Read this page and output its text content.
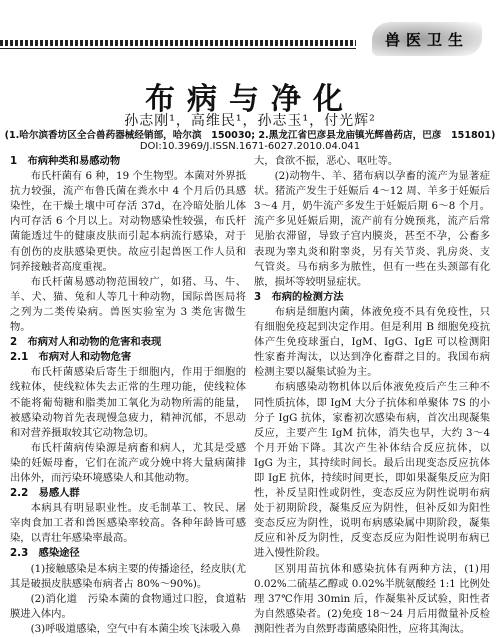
兽医卫生
布病与净化
孙志刚¹，高维民¹，孙志玉¹，付光辉²
(1.哈尔滨香坊区全合兽药器械经销部，哈尔滨　150030; 2.黑龙江省巴彦县龙庙镇光辉兽药店，巴彦　151801)
DOI:10.3969/J.ISSN.1671-6027.2010.04.041

1　布病种类和易感动物

布氏杆菌有 6 种，19 个生物型。本菌对外界抵抗力较强，流产布鲁氏菌在粪水中 4 个月后仍具感染性，在干燥土壤中可存活 37d，在冷暗处胎儿体内可存活 6 个月以上。对动物感染性较强，布氏杆菌能透过牛的健康皮肤而引起本病流行感染，对于有创伤的皮肤感染更快。故应引起兽医工作人员和饲养接触者高度重视。

布氏杆菌易感动物范围较广，如猪、马、牛、羊、犬、猫、兔和人等几十种动物，国际兽医局将之列为二类传染病。兽医实验室为 3 类危害微生物。

2　布病对人和动物的危害和表现

2.1　布病对人和动物危害

布氏杆菌感染后寄生于细胞内，作用于细胞的线粒体，使线粒体失去正常的生理功能，使线粒体不能将葡萄糖和脂类加工氧化为动物所需的能量，被感染动物首先表现慢急疲力，精神沉郁，不思动和对营养摄取较其它动物急切。

布氏杆菌病传染源是病畜和病人，尤其是受感染的妊娠母畜，它们在流产或分娩中将大量病菌排出体外，而污染环境感染人和其他动物。

2.2　易感人群

本病具有明显职业性。皮毛制革工、牧民、屠宰肉食加工者和兽医感染率较高。各种年龄皆可感染，以青壮年感染率最高。

2.3　感染途径

(1)接触感染是本病主要的传播途径，经皮肤(尤其是破损皮肤感染布病者占 80%～90%)。

(2)消化道　污染本菌的食物通过口腔，食道粘膜进入体内。

(3)呼吸道感染，空气中有本菌尘埃飞沫吸入鼻

大，食欲不振，恶心、呕吐等。

(2)动物牛、羊、猪布病以孕畜的流产为显著症状。猪流产发生于妊娠后 4～12 周、羊多于妊娠后 3～4 月，奶牛流产多发生于妊娠后期 6～8 个月。流产多见妊娠后期，流产前有分娩预兆，流产后常见胎衣滞留，导致子宫内膜炎，甚至不孕，公畜多表现为睾丸炎和附睾炎，另有关节炎、乳房炎、支气管炎。马布病多为脓性，但有一些在头颈部有化脓，损坏等较明显症状。

3　布病的检测方法

布病是细胞内菌，体液免疫不具有免疫性，只有细胞免疫起到决定作用。但是利用 B 细胞免疫抗体产生免疫球蛋白，IgM、IgG、IgE 可以检测阳性家畜并淘汰，以达到净化畜群之目的。我国布病检测主要以凝集试验为主。

布病感染动物机体以后体液免疫后产生三种不同性质抗体，即 IgM 大分子抗体和单聚体 7S 的小分子 IgG 抗体，家畜初次感染布病，首次出现凝集反应，主要产生 IgM 抗体，消失也早，大约 3～4 个月开始下降。其次产生补体结合反应抗体，以 IgG 为主，其持续时间长。最后出现变态反应抗体即 IgE 抗体，持续时间更长，即如果凝集反应为阳性，补反呈阳性或阴性，变态反应为阴性说明布病处于初期阶段，凝集反应为阴性，但补反如为阳性变态反应为阴性，说明布病感染属中期阶段，凝集反应和补反为阴性，反变态反应为阳性说明布病已进入慢性阶段。

区别用苗抗体和感染抗体有两种方法，(1)用 0.02%二硫基乙醇或 0.02%半胱氨酸经 1:1 比例处理 37℃作用 30min 后，作凝集补反试验，阳性者为自然感染者。(2)免疫 18～24 月后用微量补反检测阳性者为自然野毒菌感染阳性，应将其淘汰。
